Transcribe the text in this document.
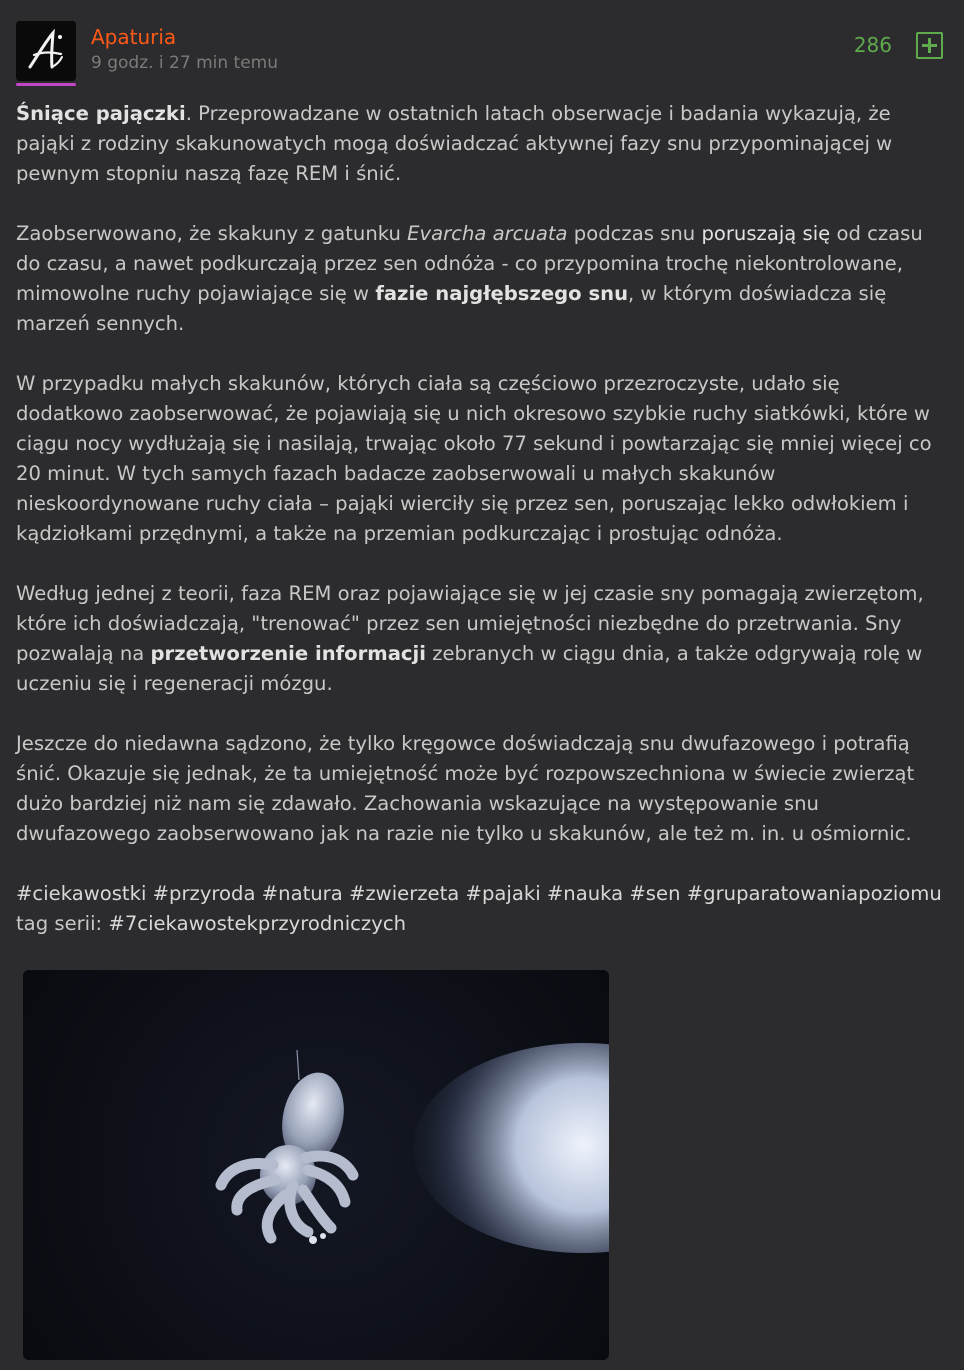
Apaturia
9 godz. i 27 min temu
286

Śniące pajączki. Przeprowadzane w ostatnich latach obserwacje i badania wykazują, że pająki z rodziny skakunowatych mogą doświadczać aktywnej fazy snu przypominającej w pewnym stopniu naszą fazę REM i śnić.

Zaobserwowano, że skakuny z gatunku Evarcha arcuata podczas snu poruszają się od czasu do czasu, a nawet podkurczają przez sen odnóża - co przypomina trochę niekontrolowane, mimowolne ruchy pojawiające się w fazie najgłębszego snu, w którym doświadcza się marzeń sennych.

W przypadku małych skakunów, których ciała są częściowo przezroczyste, udało się dodatkowo zaobserwować, że pojawiają się u nich okresowo szybkie ruchy siatkówki, które w ciągu nocy wydłużają się i nasilają, trwając około 77 sekund i powtarzając się mniej więcej co 20 minut. W tych samych fazach badacze zaobserwowali u małych skakunów nieskoordynowane ruchy ciała – pająki wierciły się przez sen, poruszając lekko odwłokiem i kądziołkami przędnymi, a także na przemian podkurczając i prostując odnóża.

Według jednej z teorii, faza REM oraz pojawiające się w jej czasie sny pomagają zwierzętom, które ich doświadczają, "trenować" przez sen umiejętności niezbędne do przetrwania. Sny pozwalają na przetworzenie informacji zebranych w ciągu dnia, a także odgrywają rolę w uczeniu się i regeneracji mózgu.

Jeszcze do niedawna sądzono, że tylko kręgowce doświadczają snu dwufazowego i potrafią śnić. Okazuje się jednak, że ta umiejętność może być rozpowszechniona w świecie zwierząt dużo bardziej niż nam się zdawało. Zachowania wskazujące na występowanie snu dwufazowego zaobserwowano jak na razie nie tylko u skakunów, ale też m. in. u ośmiornic.

#ciekawostki #przyroda #natura #zwierzeta #pajaki #nauka #sen #gruparatowaniapoziomu
tag serii: #7ciekawostekprzyrodniczych
